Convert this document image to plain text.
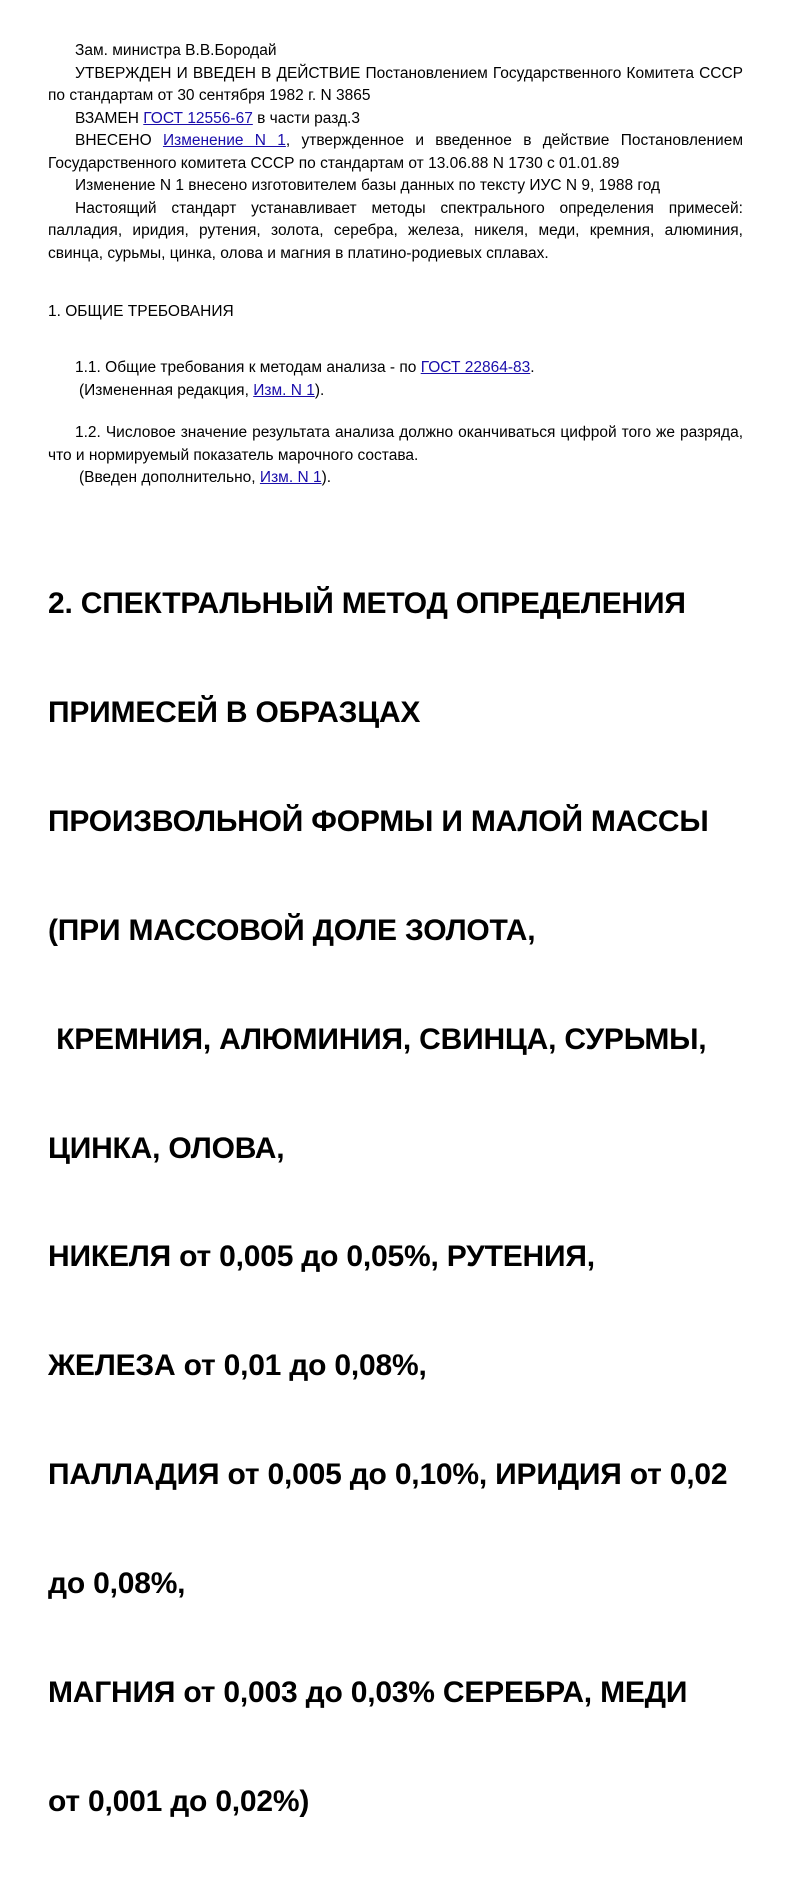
Зам. министра В.В.Бородай

УТВЕРЖДЕН И ВВЕДЕН В ДЕЙСТВИЕ Постановлением Государственного Комитета СССР по стандартам от 30 сентября 1982 г. N 3865

ВЗАМЕН ГОСТ 12556-67 в части разд.3

ВНЕСЕНО Изменение N 1, утвержденное и введенное в действие Постановлением Государственного комитета СССР по стандартам от 13.06.88 N 1730 с 01.01.89

Изменение N 1 внесено изготовителем базы данных по тексту ИУС N 9, 1988 год

Настоящий стандарт устанавливает методы спектрального определения примесей: палладия, иридия, рутения, золота, серебра, железа, никеля, меди, кремния, алюминия, свинца, сурьмы, цинка, олова и магния в платино-родиевых сплавах.

1. ОБЩИЕ ТРЕБОВАНИЯ

1.1. Общие требования к методам анализа - по ГОСТ 22864-83.

(Измененная редакция, Изм. N 1).

1.2. Числовое значение результата анализа должно оканчиваться цифрой того же разряда, что и нормируемый показатель марочного состава.

(Введен дополнительно, Изм. N 1).

2. СПЕКТРАЛЬНЫЙ МЕТОД ОПРЕДЕЛЕНИЯ

ПРИМЕСЕЙ В ОБРАЗЦАХ

ПРОИЗВОЛЬНОЙ ФОРМЫ И МАЛОЙ МАССЫ

(ПРИ МАССОВОЙ ДОЛЕ ЗОЛОТА,

КРЕМНИЯ, АЛЮМИНИЯ, СВИНЦА, СУРЬМЫ,

ЦИНКА, ОЛОВА,

НИКЕЛЯ от 0,005 до 0,05%, РУТЕНИЯ,

ЖЕЛЕЗА от 0,01 до 0,08%,

ПАЛЛАДИЯ от 0,005 до 0,10%, ИРИДИЯ от 0,02

до 0,08%,

МАГНИЯ от 0,003 до 0,03% СЕРЕБРА, МЕДИ

от 0,001 до 0,02%)
